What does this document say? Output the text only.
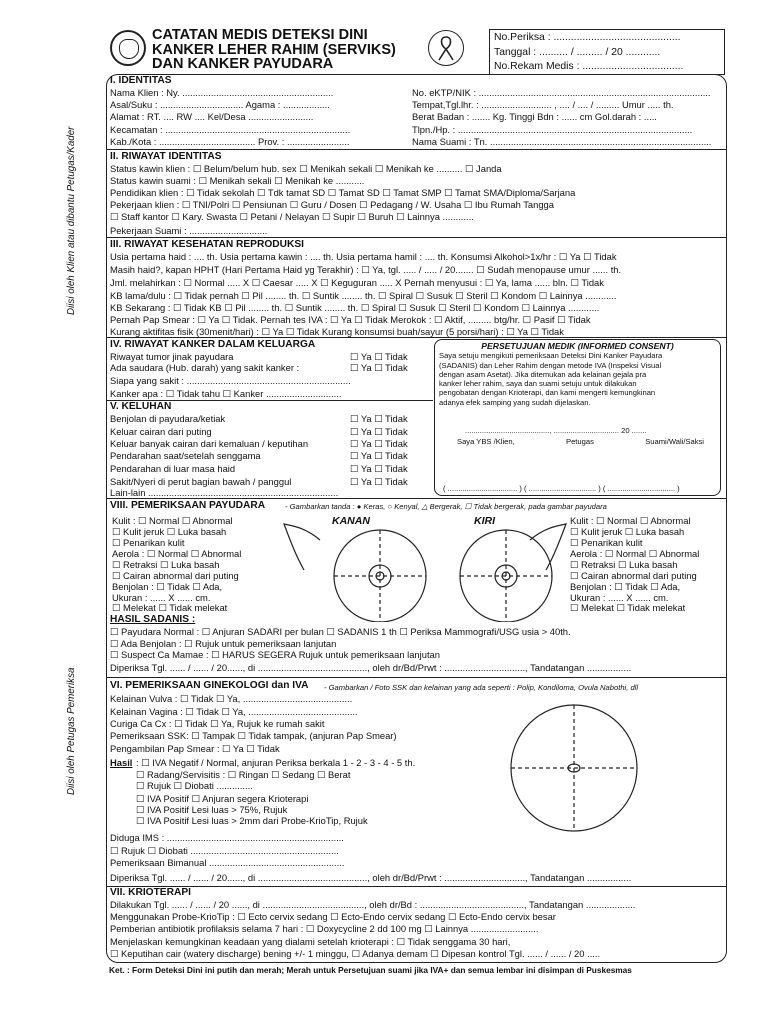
CATATAN MEDIS DETEKSI DINI
KANKER LEHER RAHIM (SERVIKS)
DAN KANKER PAYUDARA
No.Periksa : ............................................
Tanggal : .......... / ......... / 20 ............
No.Rekam Medis : ...................................
Diisi oleh Klien atau dibantu Petugas/Kader
Diisi oleh Petugas Pemeriksa
I. IDENTITAS
Nama Klien : Ny. ..........................................................
Asal/Suku : ................................ Agama : ..................
Alamat : RT. .... RW .... Kel/Desa .........................
Kecamatan : .......................................................................
Kab./Kota : ..................................... Prov. : ........................
No. eKTP/NIK : .........................................................................................
Tempat,Tgl.lhr. : ........................... , .... / .... / ......... Umur ..... th.
Berat Badan : ....... Kg. Tinggi Bdn : ...... cm Gol.darah : .....
Tlpn./Hp. : ..........................................................................................
Nama Suami : Tn. .....................................................................................
II. RIWAYAT IDENTITAS
Status kawin klien : ☐ Belum/belum hub. sex ☐ Menikah sekali ☐ Menikah ke .......... ☐ Janda
Status kawin suami : ☐ Menikah sekali ☐ Menikah ke ...........
Pendidikan klien : ☐ Tidak sekolah ☐ Tdk tamat SD ☐ Tamat SD ☐ Tamat SMP ☐ Tamat SMA/Diploma/Sarjana
Pekerjaan klien : ☐ TNI/Polri ☐ Pensiunan ☐ Guru / Dosen ☐ Pedagang / W. Usaha ☐ Ibu Rumah Tangga
☐ Staff kantor ☐ Kary. Swasta ☐ Petani / Nelayan ☐ Supir ☐ Buruh ☐ Lainnya ............
Pekerjaan Suami : ..............................
III. RIWAYAT KESEHATAN REPRODUKSI
Usia pertama haid : .... th. Usia pertama kawin : .... th. Usia pertama hamil : .... th. Konsumsi Alkohol>1x/hr : ☐ Ya ☐ Tidak
Masih haid?, kapan HPHT (Hari Pertama Haid yg Terakhir) : ☐ Ya, tgl. ..... / ..... / 20....... ☐ Sudah menopause umur ...... th.
Jml. melahirkan : ☐ Normal ..... X ☐ Caesar ..... X ☐ Keguguran ..... X Pernah menyusui : ☐ Ya, lama ...... bln. ☐ Tidak
KB lama/dulu : ☐ Tidak pernah ☐ Pil ........ th. ☐ Suntik ........ th. ☐ Spiral ☐ Susuk ☐ Steril ☐ Kondom ☐ Lainnya ............
KB Sekarang : ☐ Tidak KB ☐ Pil ........ th. ☐ Suntik ........ th. ☐ Spiral ☐ Susuk ☐ Steril ☐ Kondom ☐ Lainnya ............
Pernah Pap Smear : ☐ Ya ☐ Tidak. Pernah tes IVA : ☐ Ya ☐ Tidak Merokok : ☐ Aktif, ......... btg/hr. ☐ Pasif ☐ Tidak
Kurang aktifitas fisik (30menit/hari) : ☐ Ya ☐ Tidak Kurang konsumsi buah/sayur (5 porsi/hari) : ☐ Ya ☐ Tidak
IV. RIWAYAT KANKER DALAM KELUARGA
Riwayat tumor jinak payudara	☐ Ya ☐ Tidak
Ada saudara (Hub. darah) yang sakit kanker :	☐ Ya ☐ Tidak
Siapa yang sakit : ...............................................................
Kanker apa : ☐ Tidak tahu ☐ Kanker .............................
V. KELUHAN
Benjolan di payudara/ketiak	☐ Ya ☐ Tidak
Keluar cairan dari puting	☐ Ya ☐ Tidak
Keluar banyak cairan dari kemaluan / keputihan	☐ Ya ☐ Tidak
Pendarahan saat/setelah senggama	☐ Ya ☐ Tidak
Pendarahan di luar masa haid	☐ Ya ☐ Tidak
Sakit/Nyeri di perut bagian bawah / panggul	☐ Ya ☐ Tidak
Lain-lain .........................................................................
PERSETUJUAN MEDIK (INFORMED CONSENT)
Saya setuju mengikuti pemeriksaan Deteksi Dini Kanker Payudara
(SADANIS) dan Leher Rahim dengan metode IVA (Inspeksi Visual
dengan asam Asetat). Jika ditemukan ada kelainan gejala pra
kanker leher rahim, saya dan suami setuju untuk dilakukan
pengobatan dengan Krioterapi, dan kami mengerti kemungkinan
adanya efek samping yang sudah dijelaskan.
........................................, ............................... 20 .......
Saya YBS /Klien,	Petugas	Suami/Wali/Saksi
( ................................. ) ( ................................ ) ( ................................ )
VIII. PEMERIKSAAN PAYUDARA	- Gambarkan tanda : ● Keras, ○ Kenyal, △ Bergerak, ☐ Tidak bergerak, pada gambar payudara
Kulit : ☐ Normal ☐ Abnormal
☐ Kulit jeruk ☐ Luka basah
☐ Penarikan kulit
Aerola : ☐ Normal ☐ Abnormal
☐ Retraksi ☐ Luka basah
☐ Cairan abnormal dari puting
Benjolan : ☐ Tidak ☐ Ada,
Ukuran : ...... X ...... cm.
☐ Melekat ☐ Tidak melekat
KANAN	KIRI	Kulit : ☐ Normal ☐ Abnormal
☐ Kulit jeruk ☐ Luka basah
☐ Penarikan kulit
Aerola : ☐ Normal ☐ Abnormal
☐ Retraksi ☐ Luka basah
☐ Cairan abnormal dari puting
Benjolan : ☐ Tidak ☐ Ada,
Ukuran : ...... X ...... cm.
☐ Melekat ☐ Tidak melekat
HASIL SADANIS :
☐ Payudara Normal : ☐ Anjuran SADARI per bulan ☐ SADANIS 1 th ☐ Periksa Mammografi/USG usia > 40th.
☐ Ada Benjolan : ☐ Rujuk untuk pemeriksaan lanjutan
☐ Suspect Ca Mamae : ☐ HARUS SEGERA Rujuk untuk pemeriksaan lanjutan
Diperiksa Tgl. ...... / ...... / 20......, di .........................................., oleh dr/Bd/Prwt : ..............................., Tandatangan .................
VI. PEMERIKSAAN GINEKOLOGI dan IVA - Gambarkan / Foto SSK dan kelainan yang ada seperti : Polip, Kondiloma, Ovula Nabothi, dll
Kelainan Vulva : ☐ Tidak ☐ Ya, ..........................................
Kelainan Vagina : ☐ Tidak ☐ Ya, ..........................................
Curiga Ca Cx : ☐ Tidak ☐ Ya, Rujuk ke rumah sakit
Pemeriksaan SSK: ☐ Tampak ☐ Tidak tampak, (anjuran Pap Smear)
Pengambilan Pap Smear : ☐ Ya ☐ Tidak
Hasil : ☐ IVA Negatif / Normal, anjuran Periksa berkala 1 - 2 - 3 - 4 - 5 th.
☐ Radang/Servisitis : ☐ Ringan ☐ Sedang ☐ Berat
☐ Rujuk ☐ Diobati ..............
☐ IVA Positif ☐ Anjuran segera Krioterapi
☐ IVA Positif Lesi luas > 75%, Rujuk
☐ IVA Positif Lesi luas > 2mm dari Probe-KrioTip, Rujuk
Diduga IMS : ....................................................................
☐ Rujuk ☐ Diobati .........................................................
Pemeriksaan Bimanual ....................................................
Diperiksa Tgl. ...... / ...... / 20......, di .........................................., oleh dr/Bd/Prwt : ..............................., Tandatangan .................
VII. KRIOTERAPI
Dilakukan Tgl. ...... / ...... / 20 ......, di ......................................., oleh dr/Bd : ........................................, Tandatangan ...................
Menggunakan Probe-KrioTip : ☐ Ecto cervix sedang ☐ Ecto-Endo cervix sedang ☐ Ecto-Endo cervix besar
Pemberian antibiotik profilaksis selama 7 hari : ☐ Doxycycline 2 dd 100 mg ☐ Lainnya ..........................
Menjelaskan kemungkinan keadaan yang dialami setelah krioterapi : ☐ Tidak senggama 30 hari,
☐ Keputihan cair (watery discharge) bening +/- 1 minggu, ☐ Adanya demam ☐ Dipesan kontrol Tgl. ...... / ...... / 20 .....
Ket. : Form Deteksi Dini ini putih dan merah; Merah untuk Persetujuan suami jika IVA+ dan semua lembar ini disimpan di Puskesmas
